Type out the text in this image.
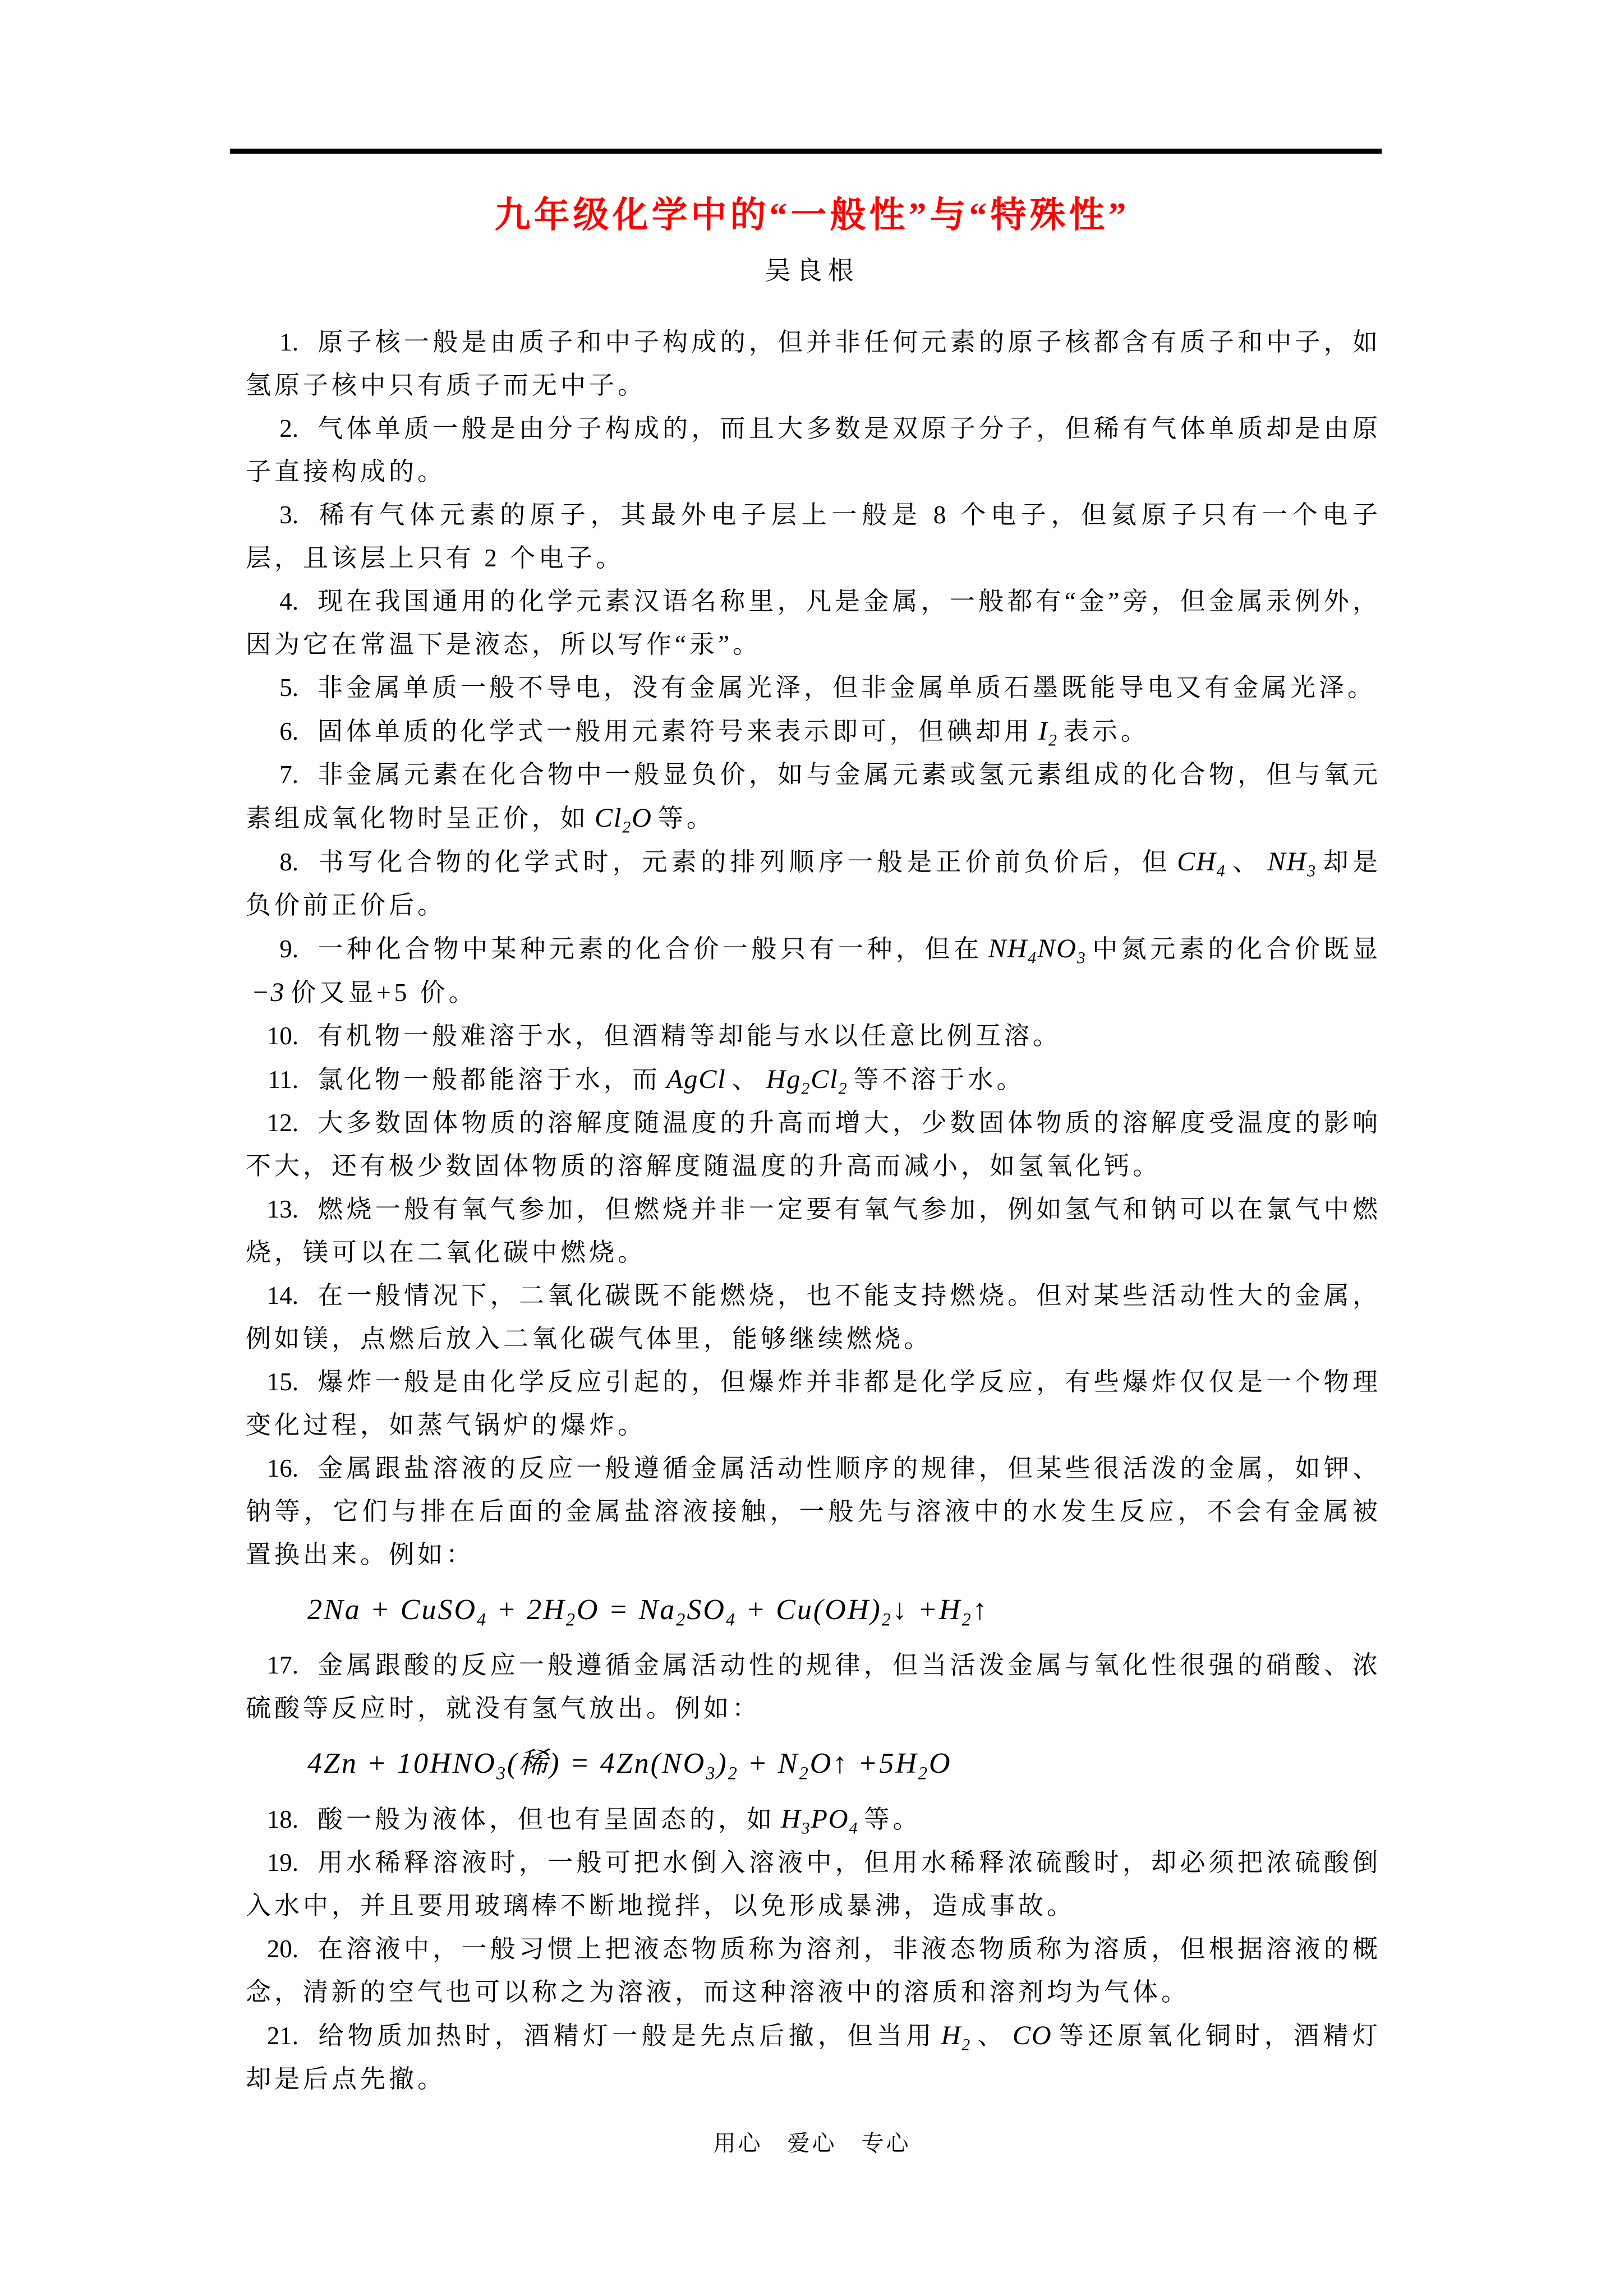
九年级化学中的“一般性”与“特殊性”
吴良根

1. 原子核一般是由质子和中子构成的，但并非任何元素的原子核都含有质子和中子，如氢原子核中只有质子而无中子。

2. 气体单质一般是由分子构成的，而且大多数是双原子分子，但稀有气体单质却是由原子直接构成的。

3. 稀有气体元素的原子，其最外电子层上一般是 8 个电子，但氦原子只有一个电子层，且该层上只有 2 个电子。

4. 现在我国通用的化学元素汉语名称里，凡是金属，一般都有“金”旁，但金属汞例外，因为它在常温下是液态，所以写作“汞”。

5. 非金属单质一般不导电，没有金属光泽，但非金属单质石墨既能导电又有金属光泽。

6. 固体单质的化学式一般用元素符号来表示即可，但碘却用 $I_2$ 表示。

7. 非金属元素在化合物中一般显负价，如与金属元素或氢元素组成的化合物，但与氧元素组成氧化物时呈正价，如 $Cl_2O$ 等。

8. 书写化合物的化学式时，元素的排列顺序一般是正价前负价后，但 $CH_4$ 、 $NH_3$ 却是负价前正价后。

9. 一种化合物中某种元素的化合价一般只有一种，但在 $NH_4NO_3$ 中氮元素的化合价既显−3 价又显+5 价。

10. 有机物一般难溶于水，但酒精等却能与水以任意比例互溶。

11. 氯化物一般都能溶于水，而 AgCl 、 $Hg_2Cl_2$ 等不溶于水。

12. 大多数固体物质的溶解度随温度的升高而增大，少数固体物质的溶解度受温度的影响不大，还有极少数固体物质的溶解度随温度的升高而减小，如氢氧化钙。

13. 燃烧一般有氧气参加，但燃烧并非一定要有氧气参加，例如氢气和钠可以在氯气中燃烧，镁可以在二氧化碳中燃烧。

14. 在一般情况下，二氧化碳既不能燃烧，也不能支持燃烧。但对某些活动性大的金属，例如镁，点燃后放入二氧化碳气体里，能够继续燃烧。

15. 爆炸一般是由化学反应引起的，但爆炸并非都是化学反应，有些爆炸仅仅是一个物理变化过程，如蒸气锅炉的爆炸。

16. 金属跟盐溶液的反应一般遵循金属活动性顺序的规律，但某些很活泼的金属，如钾、钠等，它们与排在后面的金属盐溶液接触，一般先与溶液中的水发生反应，不会有金属被置换出来。例如：

2Na + CuSO$_4$ + $2H_2O = Na_2SO_4$ + $Cu(OH)_2↓$ $+H_2↑$

17. 金属跟酸的反应一般遵循金属活动性的规律，但当活泼金属与氧化性很强的硝酸、浓硫酸等反应时，就没有氢气放出。例如：

$4Zn + 10HNO_3$(稀) = $4Zn(NO_3)_2$ + $N_2O↑ +5H_2O$

18. 酸一般为液体，但也有呈固态的，如 $H_3PO_4$ 等。

19. 用水稀释溶液时，一般可把水倒入溶液中，但用水稀释浓硫酸时，却必须把浓硫酸倒入水中，并且要用玻璃棒不断地搅拌，以免形成暴沸，造成事故。

20. 在溶液中，一般习惯上把液态物质称为溶剂，非液态物质称为溶质，但根据溶液的概念，清新的空气也可以称之为溶液，而这种溶液中的溶质和溶剂均为气体。

21. 给物质加热时，酒精灯一般是先点后撤，但当用 $H_2$ 、 CO 等还原氧化铜时，酒精灯却是后点先撤。

用心　爱心　专心
